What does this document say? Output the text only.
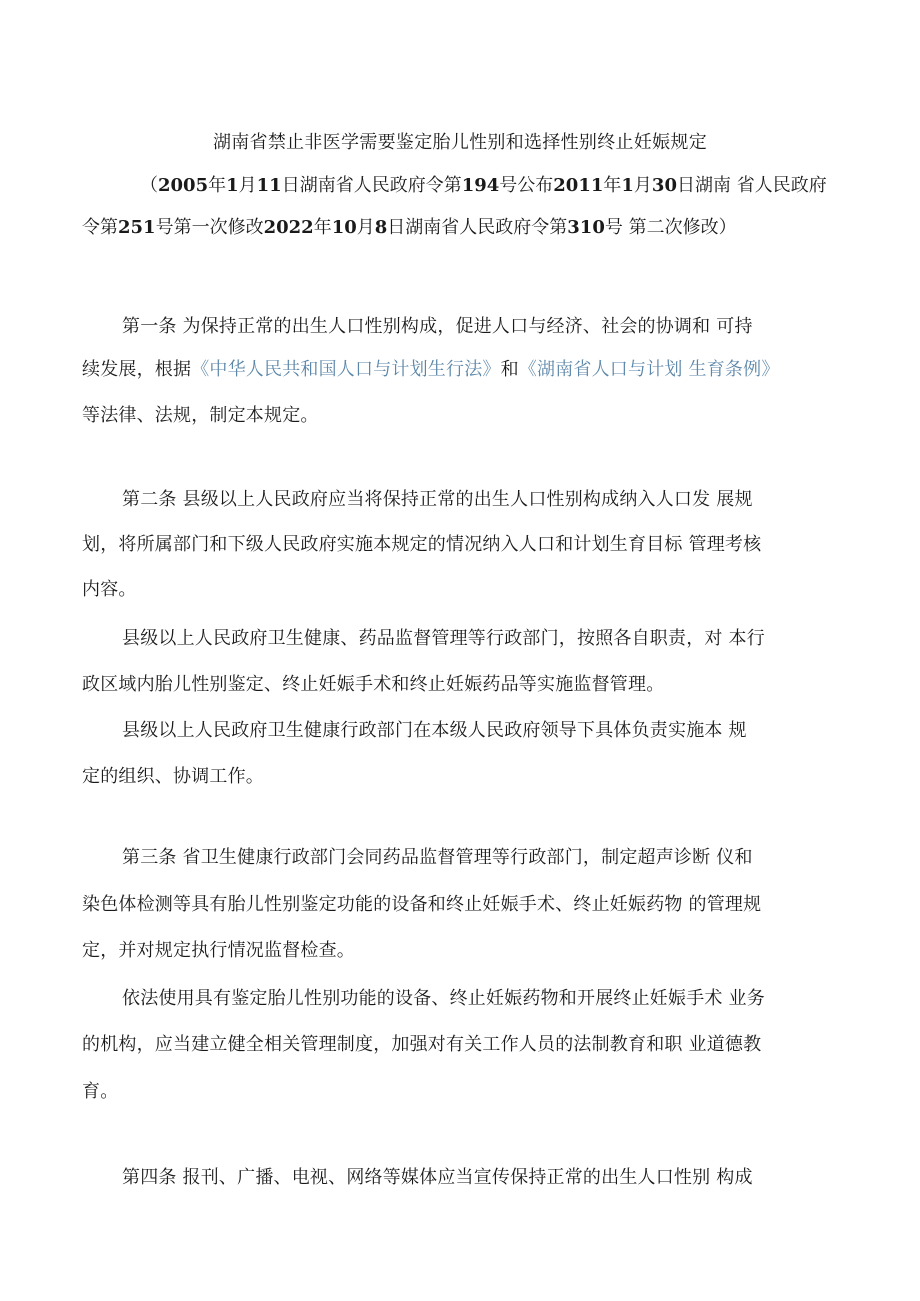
湖南省禁止非医学需要鉴定胎儿性别和选择性别终止妊娠规定
（2005年1月11日湖南省人民政府令第194号公布2011年1月30日湖南 省人民政府
令第251号第一次修改2022年10月8日湖南省人民政府令第310号 第二次修改）
第一条 为保持正常的出生人口性别构成，促进人口与经济、社会的协调和 可持
续发展，根据《中华人民共和国人口与计划生行法》和《湖南省人口与计划 生育条例》
等法律、法规，制定本规定。
第二条 县级以上人民政府应当将保持正常的出生人口性别构成纳入人口发 展规
划，将所属部门和下级人民政府实施本规定的情况纳入人口和计划生育目标 管理考核
内容。
县级以上人民政府卫生健康、药品监督管理等行政部门，按照各自职责，对 本行
政区域内胎儿性别鉴定、终止妊娠手术和终止妊娠药品等实施监督管理。
县级以上人民政府卫生健康行政部门在本级人民政府领导下具体负责实施本 规
定的组织、协调工作。
第三条 省卫生健康行政部门会同药品监督管理等行政部门，制定超声诊断 仪和
染色体检测等具有胎儿性别鉴定功能的设备和终止妊娠手术、终止妊娠药物 的管理规
定，并对规定执行情况监督检查。
依法使用具有鉴定胎儿性别功能的设备、终止妊娠药物和开展终止妊娠手术 业务
的机构，应当建立健全相关管理制度，加强对有关工作人员的法制教育和职 业道德教
育。
第四条 报刊、广播、电视、网络等媒体应当宣传保持正常的出生人口性别 构成
